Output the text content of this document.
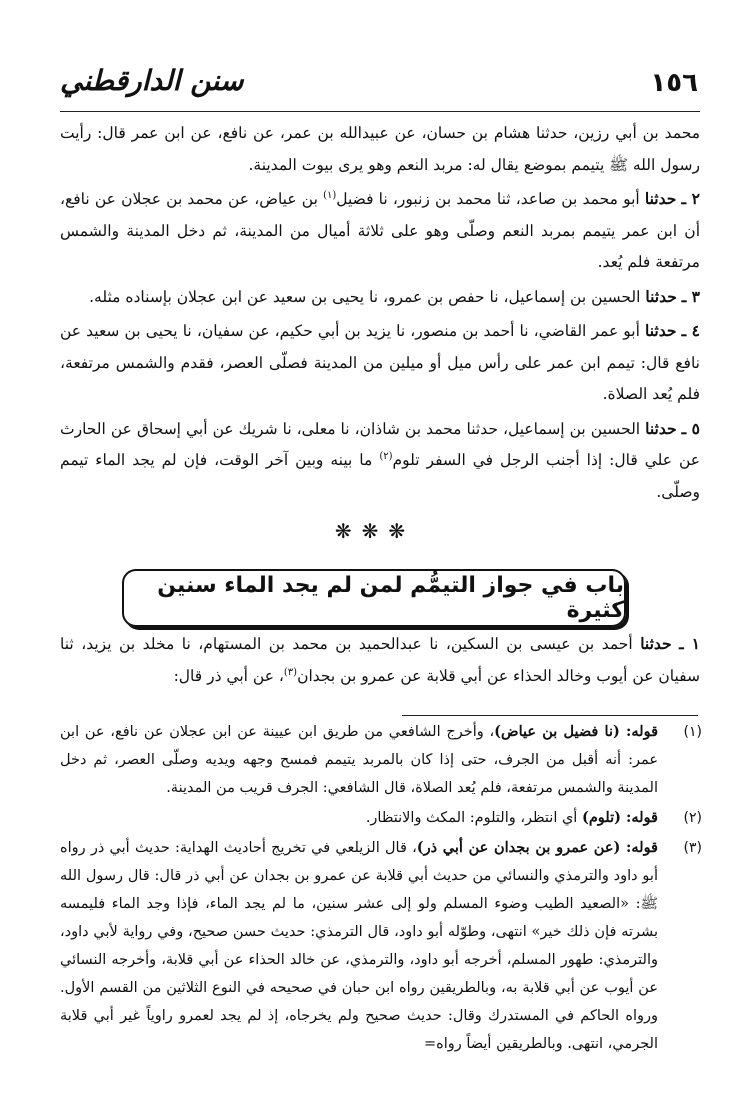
١٥٦
سنن الدارقطني

محمد بن أبي رزين، حدثنا هشام بن حسان، عن عبيدالله بن عمر، عن نافع، عن ابن عمر قال: رأيت رسول الله ﷺ يتيمم بموضع يقال له: مربد النعم وهو يرى بيوت المدينة.

٢ ـ حدثنا أبو محمد بن صاعد، ثنا محمد بن زنبور، نا فضيل$^{(١)}$ بن عياض، عن محمد بن عجلان عن نافع، أن ابن عمر يتيمم بمربد النعم وصلّى وهو على ثلاثة أميال من المدينة، ثم دخل المدينة والشمس مرتفعة فلم يُعد.

٣ ـ حدثنا الحسين بن إسماعيل، نا حفص بن عمرو، نا يحيى بن سعيد عن ابن عجلان بإسناده مثله.

٤ ـ حدثنا أبو عمر القاضي، نا أحمد بن منصور، نا يزيد بن أبي حكيم، عن سفيان، نا يحيى بن سعيد عن نافع قال: تيمم ابن عمر على رأس ميل أو ميلين من المدينة فصلّى العصر، فقدم والشمس مرتفعة، فلم يُعد الصلاة.

٥ ـ حدثنا الحسين بن إسماعيل، حدثنا محمد بن شاذان، نا معلى، نا شريك عن أبي إسحاق عن الحارث عن علي قال: إذا أجنب الرجل في السفر تلوم$^{(٢)}$ ما بينه وبين آخر الوقت، فإن لم يجد الماء تيمم وصلّى.

❋❋❋
باب في جواز التيمُّم لمن لم يجد الماء سنين كثيرة

١ ـ حدثنا أحمد بن عيسى بن السكين، نا عبدالحميد بن محمد بن المستهام، نا مخلد بن يزيد، ثنا سفيان عن أيوب وخالد الحذاء عن أبي قلابة عن عمرو بن بجدان$^{(٣)}$، عن أبي ذر قال:

(١)
قوله: (نا فضيل بن عياض)، وأخرج الشافعي من طريق ابن عيينة عن ابن عجلان عن نافع، عن ابن عمر: أنه أقبل من الجرف، حتى إذا كان بالمربد يتيمم فمسح وجهه ويديه وصلّى العصر، ثم دخل المدينة والشمس مرتفعة، فلم يُعد الصلاة، قال الشافعي: الجرف قريب من المدينة.
(٢)
قوله: (تلوم) أي انتظر، والتلوم: المكث والانتظار.
(٣)
قوله: (عن عمرو بن بجدان عن أبي ذر)، قال الزيلعي في تخريج أحاديث الهداية: حديث أبي ذر رواه أبو داود والترمذي والنسائي من حديث أبي قلابة عن عمرو بن بجدان عن أبي ذر قال: قال رسول الله ﷺ: «الصعيد الطيب وضوء المسلم ولو إلى عشر سنين، ما لم يجد الماء، فإذا وجد الماء فليمسه بشرته فإن ذلك خير» انتهى، وطوّله أبو داود، قال الترمذي: حديث حسن صحيح، وفي رواية لأبي داود، والترمذي: طهور المسلم، أخرجه أبو داود، والترمذي، عن خالد الحذاء عن أبي قلابة، وأخرجه النسائي عن أيوب عن أبي قلابة به، وبالطريقين رواه ابن حبان في صحيحه في النوع الثلاثين من القسم الأول. ورواه الحاكم في المستدرك وقال: حديث صحيح ولم يخرجاه، إذ لم يجد لعمرو راوياً غير أبي قلابة الجرمي، انتهى. وبالطريقين أيضاً رواه=
